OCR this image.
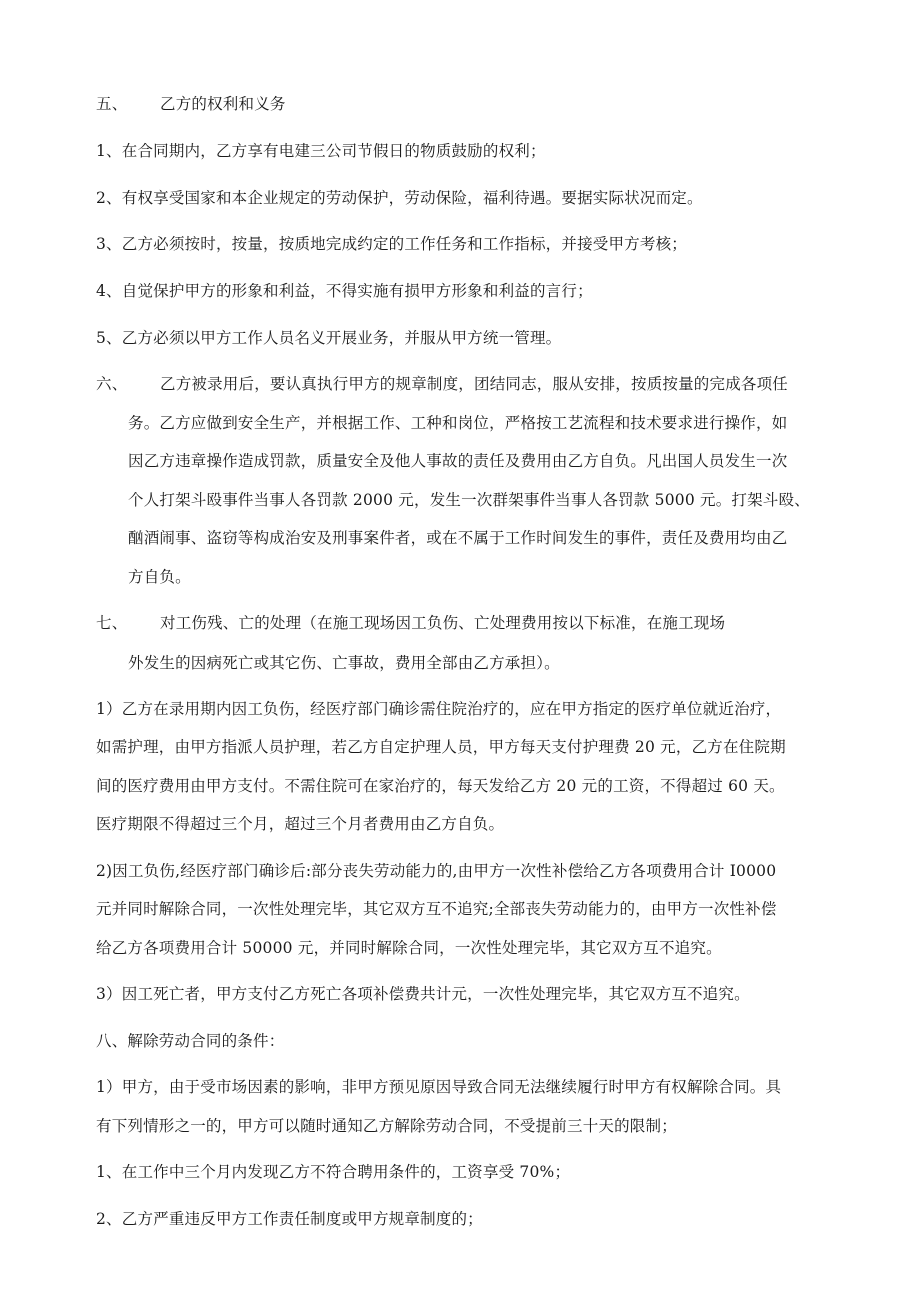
五、 乙方的权利和义务
1、在合同期内，乙方享有电建三公司节假日的物质鼓励的权利；
2、有权享受国家和本企业规定的劳动保护，劳动保险，福利待遇。要据实际状况而定。
3、乙方必须按时，按量，按质地完成约定的工作任务和工作指标，并接受甲方考核；
4、自觉保护甲方的形象和利益，不得实施有损甲方形象和利益的言行；
5、乙方必须以甲方工作人员名义开展业务，并服从甲方统一管理。
六、 乙方被录用后，要认真执行甲方的规章制度，团结同志，服从安排，按质按量的完成各项任
务。乙方应做到安全生产，并根据工作、工种和岗位，严格按工艺流程和技术要求进行操作，如
因乙方违章操作造成罚款，质量安全及他人事故的责任及费用由乙方自负。凡出国人员发生一次
个人打架斗殴事件当事人各罚款 2000 元，发生一次群架事件当事人各罚款 5000 元。打架斗殴、
酗酒闹事、盗窃等构成治安及刑事案件者，或在不属于工作时间发生的事件，责任及费用均由乙
方自负。
七、 对工伤残、亡的处理（在施工现场因工负伤、亡处理费用按以下标准，在施工现场
外发生的因病死亡或其它伤、亡事故，费用全部由乙方承担）。
1）乙方在录用期内因工负伤，经医疗部门确诊需住院治疗的，应在甲方指定的医疗单位就近治疗，
如需护理，由甲方指派人员护理，若乙方自定护理人员，甲方每天支付护理费 20 元，乙方在住院期
间的医疗费用由甲方支付。不需住院可在家治疗的，每天发给乙方 20 元的工资，不得超过 60 天。
医疗期限不得超过三个月，超过三个月者费用由乙方自负。
2)因工负伤,经医疗部门确诊后:部分丧失劳动能力的,由甲方一次性补偿给乙方各项费用合计 I0000
元并同时解除合同，一次性处理完毕，其它双方互不追究;全部丧失劳动能力的，由甲方一次性补偿
给乙方各项费用合计 50000 元，并同时解除合同，一次性处理完毕，其它双方互不追究。
3）因工死亡者，甲方支付乙方死亡各项补偿费共计元，一次性处理完毕，其它双方互不追究。
八、解除劳动合同的条件：
1）甲方，由于受市场因素的影响，非甲方预见原因导致合同无法继续履行时甲方有权解除合同。具
有下列情形之一的，甲方可以随时通知乙方解除劳动合同，不受提前三十天的限制；
1、在工作中三个月内发现乙方不符合聘用条件的，工资享受 70%；
2、乙方严重违反甲方工作责任制度或甲方规章制度的；
